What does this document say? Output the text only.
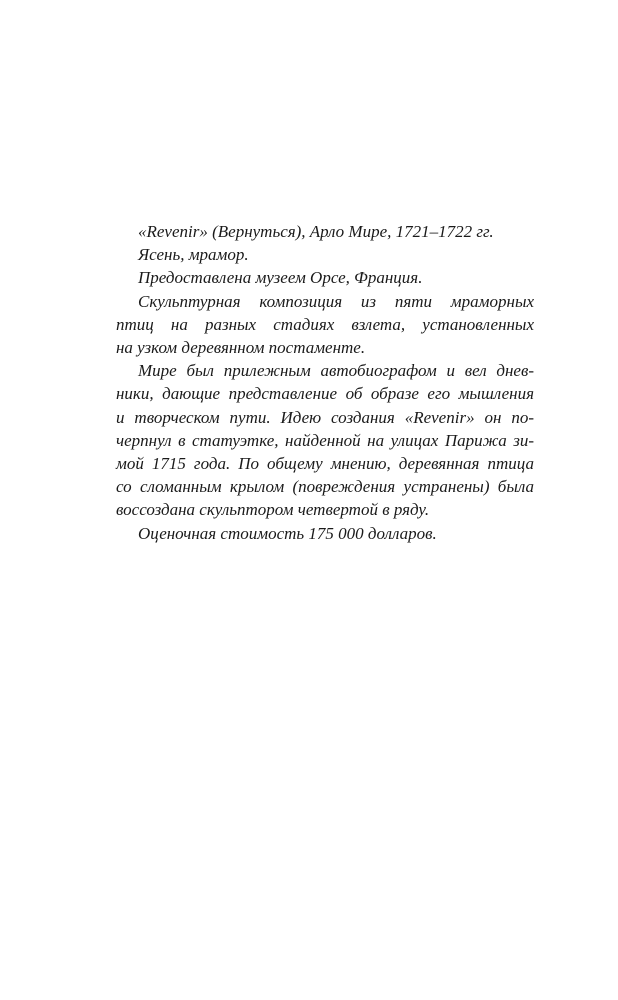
«Revenir» (Вернуться), Арло Мире, 1721–1722 гг.
Ясень, мрамор.
Предоставлена музеем Орсе, Франция.
Скульптурная композиция из пяти мраморных
птиц на разных стадиях взлета, установленных
на узком деревянном постаменте.
Мире был прилежным автобиографом и вел днев-
ники, дающие представление об образе его мышления
и творческом пути. Идею создания «Revenir» он по-
черпнул в статуэтке, найденной на улицах Парижа зи-
мой 1715 года. По общему мнению, деревянная птица
со сломанным крылом (повреждения устранены) была
воссоздана скульптором четвертой в ряду.
Оценочная стоимость 175 000 долларов.
